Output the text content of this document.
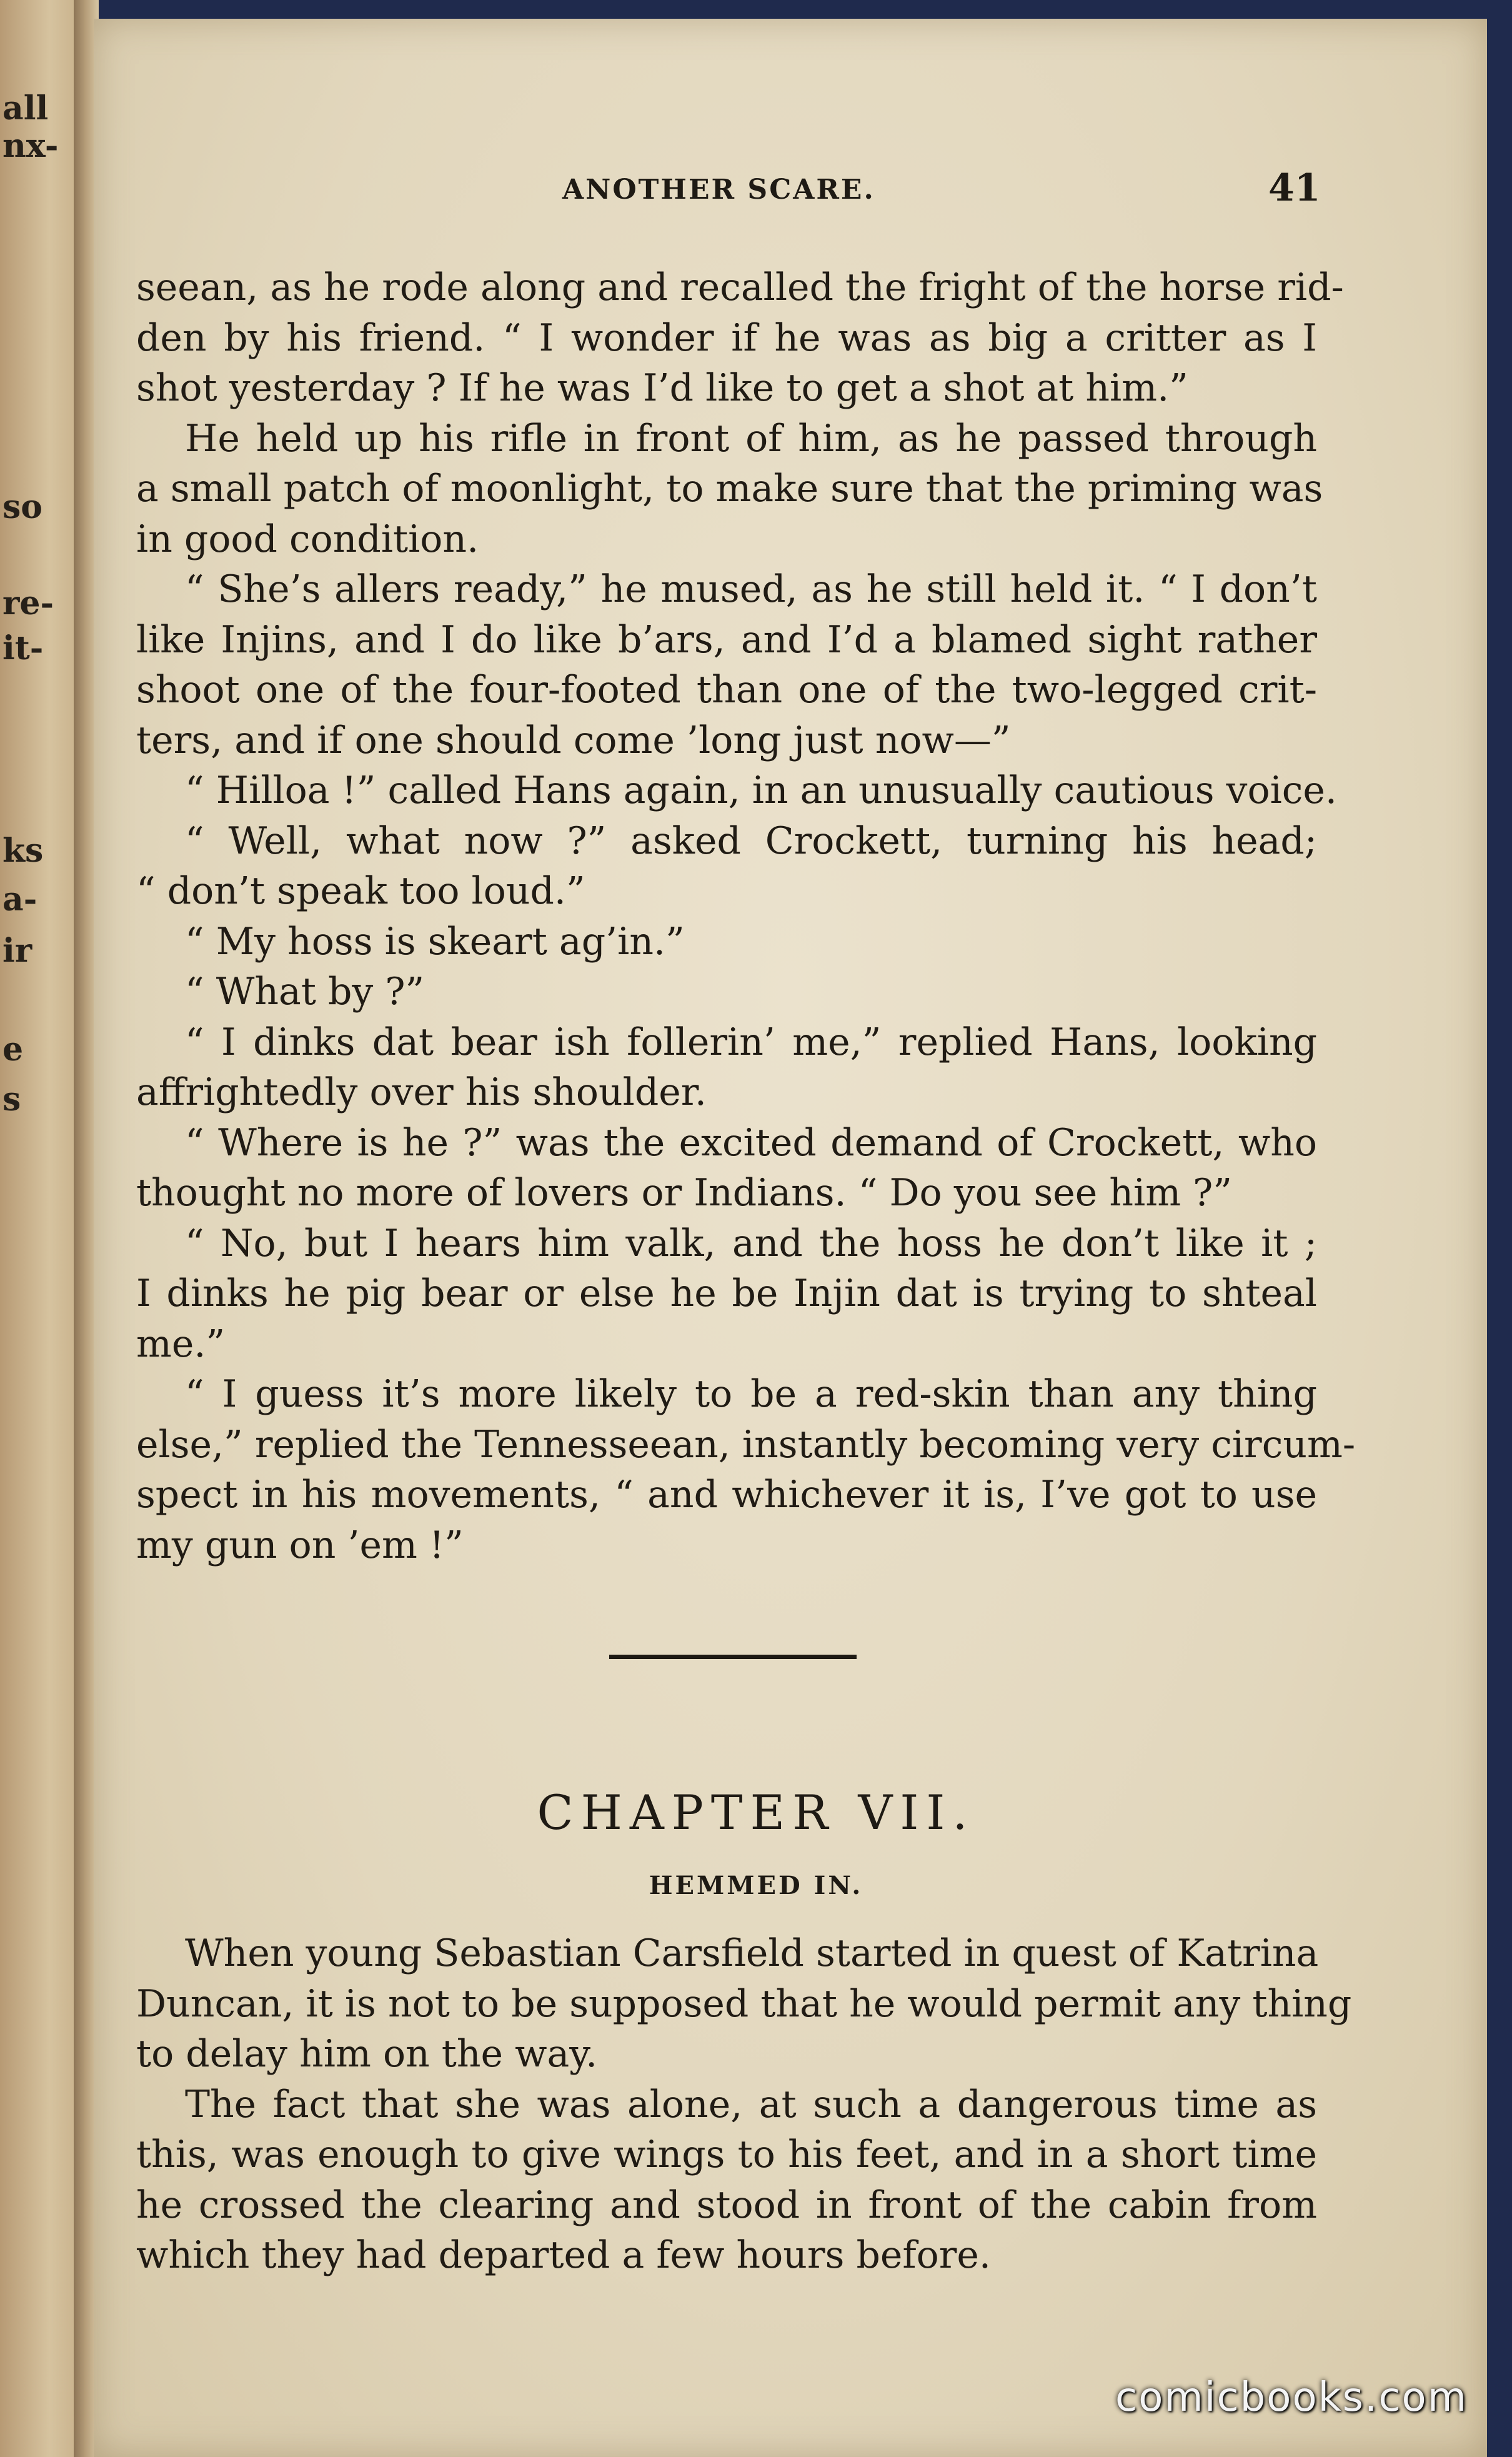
all
nx-
so
re-
it-
ks
a-
ir
e
s
ANOTHER SCARE.	41
seean, as he rode along and recalled the fright of the horse rid-
den by his friend. “ I wonder if he was as big a critter as I
shot yesterday ? If he was I’d like to get a shot at him.”
He held up his rifle in front of him, as he passed through
a small patch of moonlight, to make sure that the priming was
in good condition.
“ She’s allers ready,” he mused, as he still held it. “ I don’t
like Injins, and I do like b’ars, and I’d a blamed sight rather
shoot one of the four-footed than one of the two-legged crit-
ters, and if one should come ’long just now—”
“ Hilloa !” called Hans again, in an unusually cautious voice.
“ Well, what now ?” asked Crockett, turning his head;
“ don’t speak too loud.”
“ My hoss is skeart ag’in.”
“ What by ?”
“ I dinks dat bear ish follerin’ me,” replied Hans, looking
affrightedly over his shoulder.
“ Where is he ?” was the excited demand of Crockett, who
thought no more of lovers or Indians. “ Do you see him ?”
“ No, but I hears him valk, and the hoss he don’t like it ;
I dinks he pig bear or else he be Injin dat is trying to shteal
me.”
“ I guess it’s more likely to be a red-skin than any thing
else,” replied the Tennesseean, instantly becoming very circum-
spect in his movements, “ and whichever it is, I’ve got to use
my gun on ’em !”
CHAPTER VII.
HEMMED IN.
When young Sebastian Carsfield started in quest of Katrina
Duncan, it is not to be supposed that he would permit any thing
to delay him on the way.
The fact that she was alone, at such a dangerous time as
this, was enough to give wings to his feet, and in a short time
he crossed the clearing and stood in front of the cabin from
which they had departed a few hours before.
comicbooks.com
